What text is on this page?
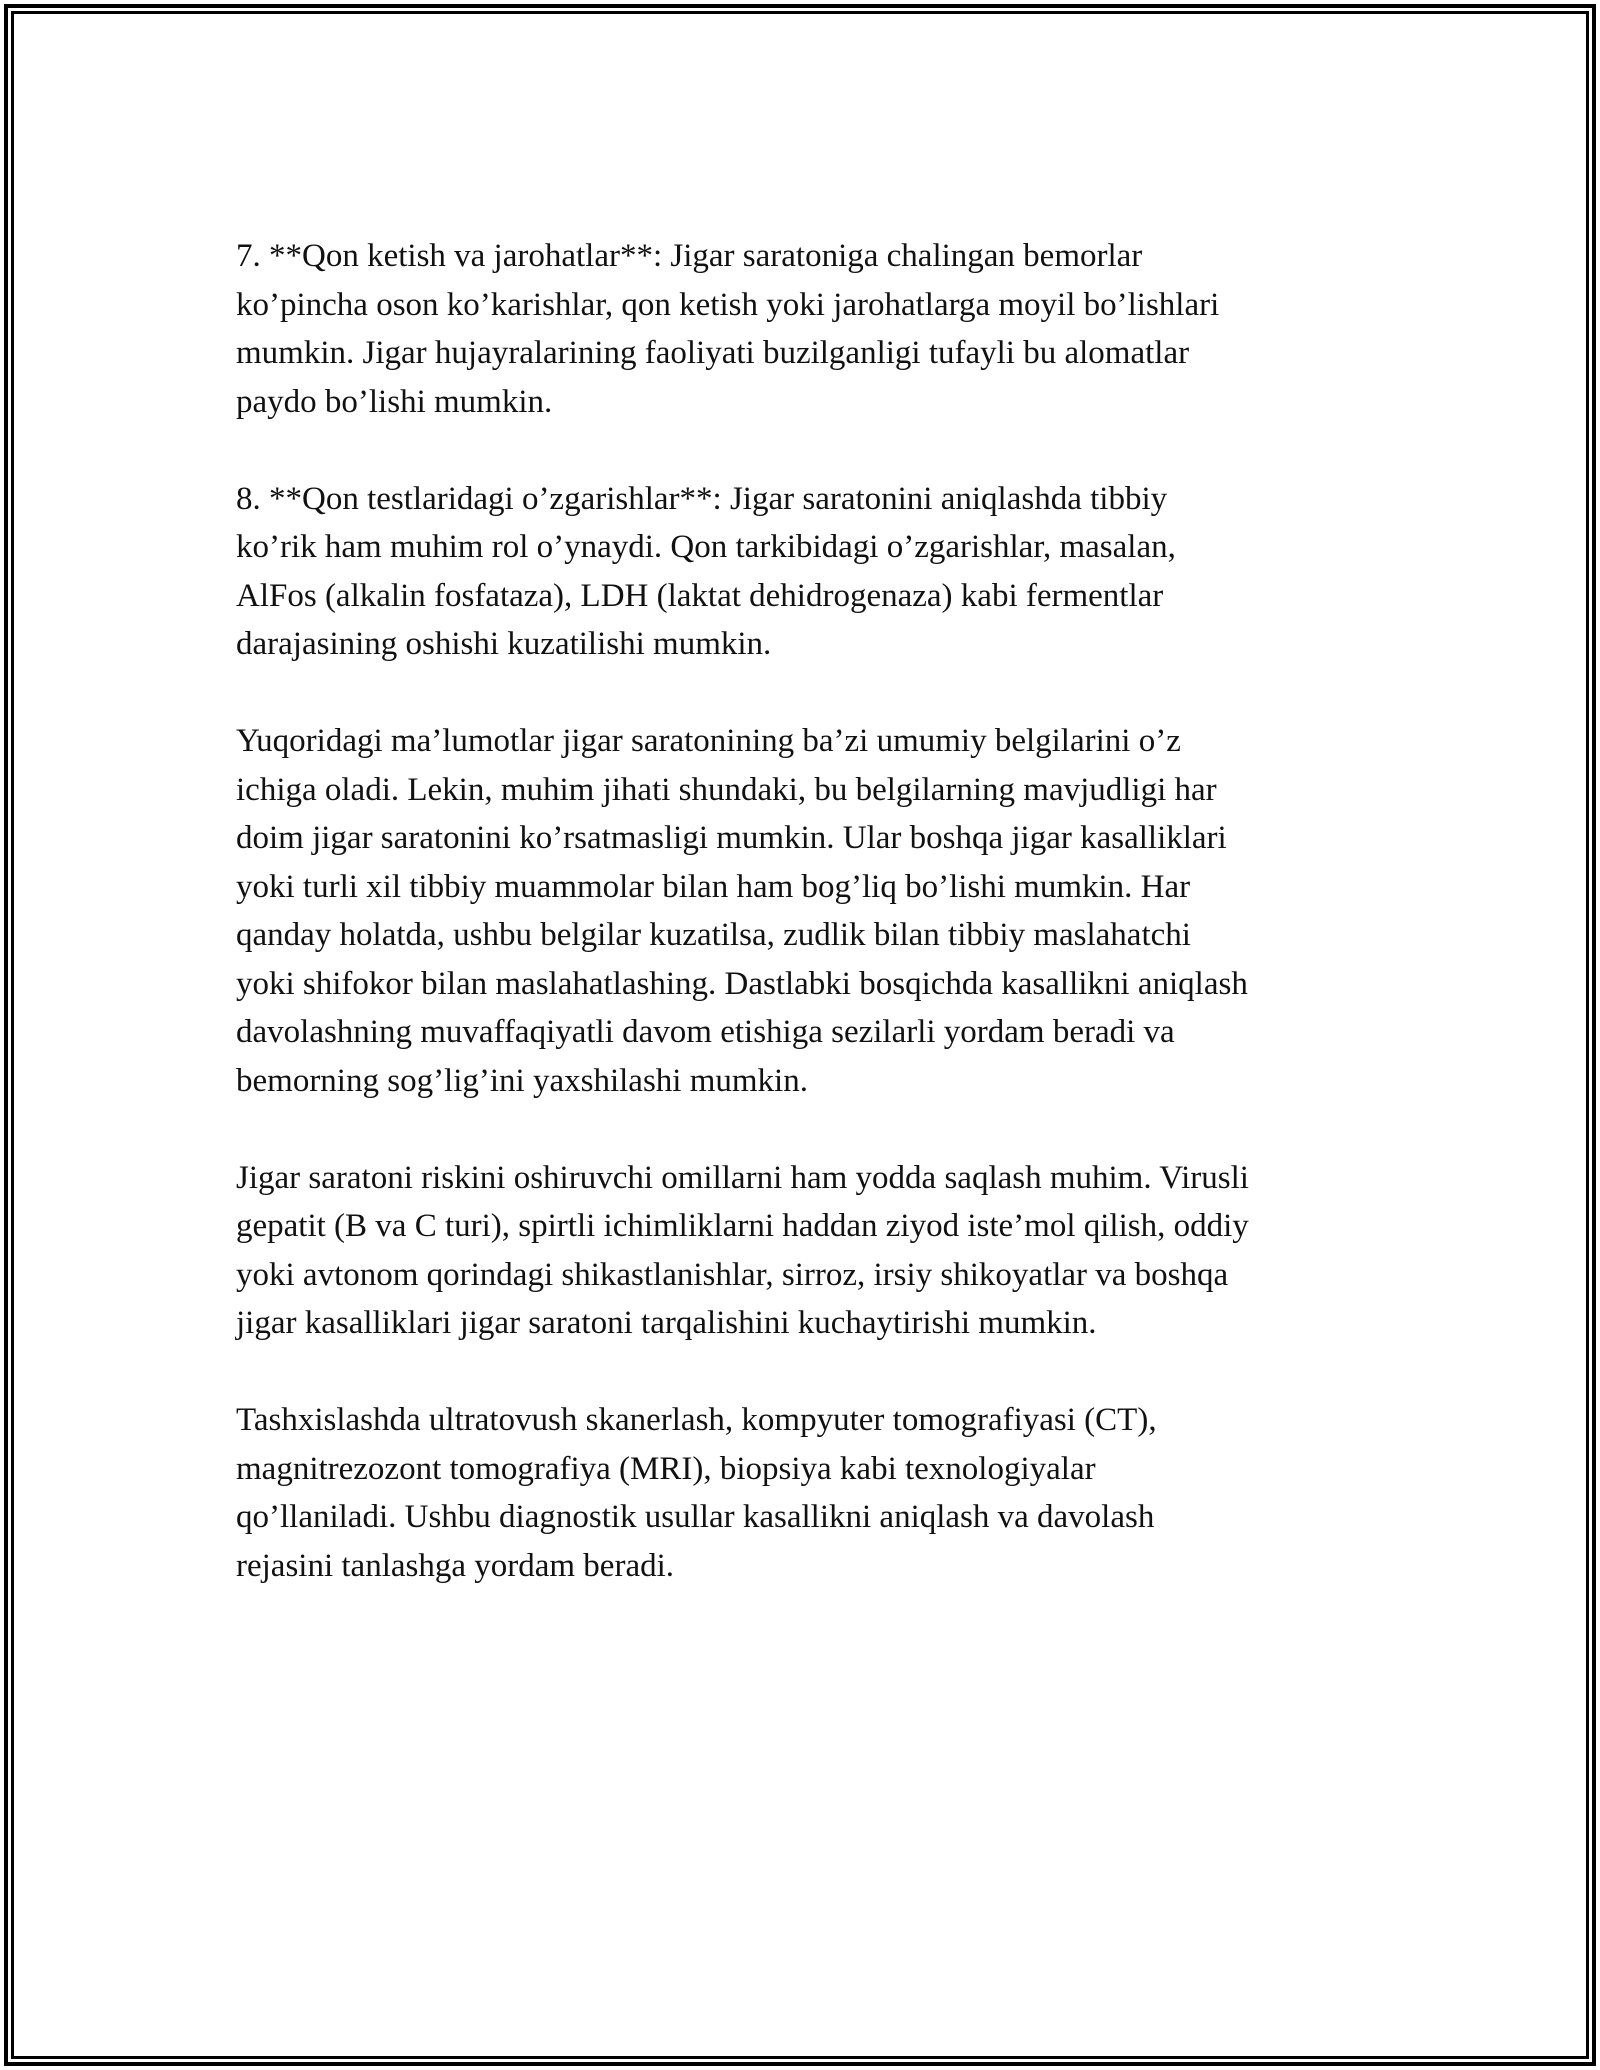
7. **Qon ketish va jarohatlar**: Jigar saratoniga chalingan bemorlar
ko’pincha oson ko’karishlar, qon ketish yoki jarohatlarga moyil bo’lishlari
mumkin. Jigar hujayralarining faoliyati buzilganligi tufayli bu alomatlar
paydo bo’lishi mumkin.
8. **Qon testlaridagi o’zgarishlar**: Jigar saratonini aniqlashda tibbiy
ko’rik ham muhim rol o’ynaydi. Qon tarkibidagi o’zgarishlar, masalan,
AlFos (alkalin fosfataza), LDH (laktat dehidrogenaza) kabi fermentlar
darajasining oshishi kuzatilishi mumkin.
Yuqoridagi ma’lumotlar jigar saratonining ba’zi umumiy belgilarini o’z
ichiga oladi. Lekin, muhim jihati shundaki, bu belgilarning mavjudligi har
doim jigar saratonini ko’rsatmasligi mumkin. Ular boshqa jigar kasalliklari
yoki turli xil tibbiy muammolar bilan ham bog’liq bo’lishi mumkin. Har
qanday holatda, ushbu belgilar kuzatilsa, zudlik bilan tibbiy maslahatchi
yoki shifokor bilan maslahatlashing. Dastlabki bosqichda kasallikni aniqlash
davolashning muvaffaqiyatli davom etishiga sezilarli yordam beradi va
bemorning sog’lig’ini yaxshilashi mumkin.
Jigar saratoni riskini oshiruvchi omillarni ham yodda saqlash muhim. Virusli
gepatit (B va C turi), spirtli ichimliklarni haddan ziyod iste’mol qilish, oddiy
yoki avtonom qorindagi shikastlanishlar, sirroz, irsiy shikoyatlar va boshqa
jigar kasalliklari jigar saratoni tarqalishini kuchaytirishi mumkin.
Tashxislashda ultratovush skanerlash, kompyuter tomografiyasi (CT),
magnitrezozont tomografiya (MRI), biopsiya kabi texnologiyalar
qo’llaniladi. Ushbu diagnostik usullar kasallikni aniqlash va davolash
rejasini tanlashga yordam beradi.
